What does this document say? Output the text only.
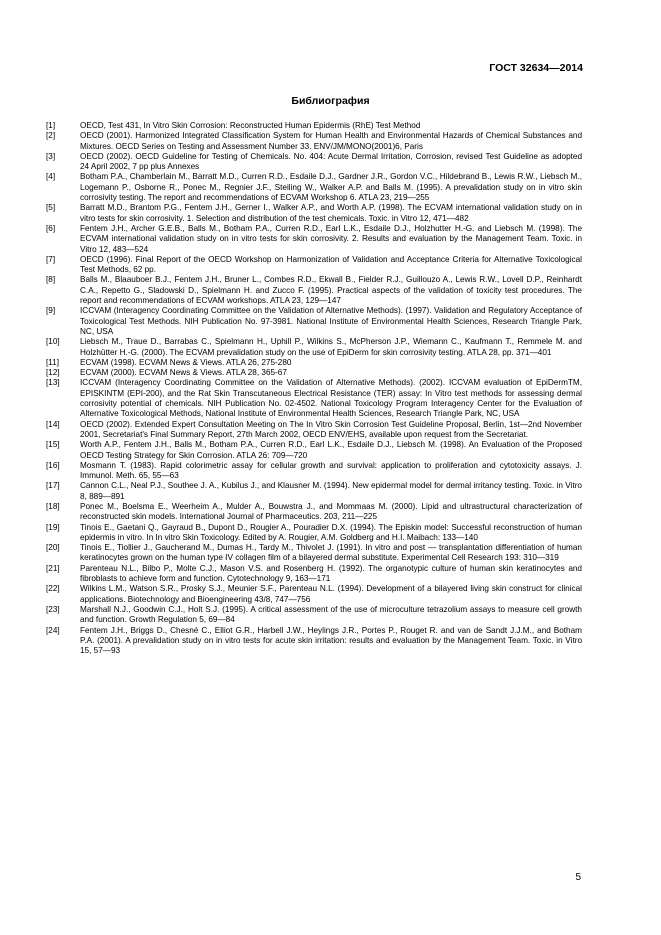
ГОСТ 32634—2014
Библиография
[1]	OECD, Test 431, In Vitro Skin Corrosion: Reconstructed Human Epidermis (RhE) Test Method
[2]	OECD (2001). Harmonized Integrated Classification System for Human Health and Environmental Hazards of Chemical Substances and Mixtures. OECD Series on Testing and Assessment Number 33. ENV/JM/MONO(2001)6, Paris
[3]	OECD (2002). OECD Guideline for Testing of Chemicals. No. 404: Acute Dermal Irritation, Corrosion, revised Test Guideline as adopted 24 April 2002, 7 pp plus Annexes
[4]	Botham P.A., Chamberlain M., Barratt M.D., Curren R.D., Esdaile D.J., Gardner J.R., Gordon V.C., Hildebrand B., Lewis R.W., Liebsch M., Logemann P., Osborne R., Ponec M., Regnier J.F., Steiling W., Walker A.P. and Balls M. (1995). A prevalidation study on in vitro skin corrosivity testing. The report and recommendations of ECVAM Workshop 6. ATLA 23, 219—255
[5]	Barratt M.D., Brantom P.G., Fentem J.H., Gerner I., Walker A.P., and Worth A.P. (1998). The ECVAM international validation study on in vitro tests for skin corrosivity. 1. Selection and distribution of the test chemicals. Toxic. in Vitro 12, 471—482
[6]	Fentem J.H., Archer G.E.B., Balls M., Botham P.A., Curren R.D., Earl L.K., Esdaile D.J., Holzhutter H.-G. and Liebsch M. (1998). The ECVAM international validation study on in vitro tests for skin corrosivity. 2. Results and evaluation by the Management Team. Toxic. in Vitro 12, 483—524
[7]	OECD (1996). Final Report of the OECD Workshop on Harmonization of Validation and Acceptance Criteria for Alternative Toxicological Test Methods, 62 pp.
[8]	Balls M., Blaauboer B.J., Fentem J.H., Bruner L., Combes R.D., Ekwall B., Fielder R.J., Guillouzo A., Lewis R.W., Lovell D.P., Reinhardt C.A., Repetto G., Sladowski D., Spielmann H. and Zucco F. (1995). Practical aspects of the validation of toxicity test procedures. The report and recommendations of ECVAM workshops. ATLA 23, 129—147
[9]	ICCVAM (Interagency Coordinating Committee on the Validation of Alternative Methods). (1997). Validation and Regulatory Acceptance of Toxicological Test Methods. NIH Publication No. 97-3981. National Institute of Environmental Health Sciences, Research Triangle Park, NC, USA
[10]	Liebsch M., Traue D., Barrabas C., Spielmann H., Uphill P., Wilkins S., McPherson J.P., Wiemann C., Kaufmann T., Remmele M. and Holzhütter H.-G. (2000). The ECVAM prevalidation study on the use of EpiDerm for skin corrosivity testing. ATLA 28, pp. 371—401
[11]	ECVAM (1998). ECVAM News & Views. ATLA 26, 275-280
[12]	ECVAM (2000). ECVAM News & Views. ATLA 28, 365-67
[13]	ICCVAM (Interagency Coordinating Committee on the Validation of Alternative Methods). (2002). ICCVAM evaluation of EpiDermTM, EPISKINTM (EPI-200), and the Rat Skin Transcutaneous Electrical Resistance (TER) assay: In Vitro test methods for assessing dermal corrosivity potential of chemicals. NIH Publication No. 02-4502. National Toxicology Program Interagency Center for the Evaluation of Alternative Toxicological Methods, National Institute of Environmental Health Sciences, Research Triangle Park, NC, USA
[14]	OECD (2002). Extended Expert Consultation Meeting on The In Vitro Skin Corrosion Test Guideline Proposal, Berlin, 1st—2nd November 2001, Secretariat's Final Summary Report, 27th March 2002, OECD ENV/EHS, available upon request from the Secretariat.
[15]	Worth A.P., Fentem J.H., Balls M., Botham P.A., Curren R.D., Earl L.K., Esdaile D.J., Liebsch M. (1998). An Evaluation of the Proposed OECD Testing Strategy for Skin Corrosion. ATLA 26: 709—720
[16]	Mosmann T. (1983). Rapid colorimetric assay for cellular growth and survival: application to proliferation and cytotoxicity assays. J. Immunol. Meth. 65, 55—63
[17]	Cannon C.L., Neal P.J., Southee J. A., Kubilus J., and Klausner M. (1994). New epidermal model for dermal irritancy testing. Toxic. in Vitro 8, 889—891
[18]	Ponec M., Boelsma E., Weerheim A., Mulder A., Bouwstra J., and Mommaas M. (2000). Lipid and ultrastructural characterization of reconstructed skin models. International Journal of Pharmaceutics. 203, 211—225
[19]	Tinois E., Gaetani Q., Gayraud B., Dupont D., Rougier A., Pouradier D.X. (1994). The Episkin model: Successful reconstruction of human epidermis in vitro. In In vitro Skin Toxicology. Edited by A. Rougier, A.M. Goldberg and H.I. Maibach: 133—140
[20]	Tinois E., Tiollier J., Gaucherand M., Dumas H., Tardy M., Thivolet J. (1991). In vitro and post — transplantation differentiation of human keratinocytes grown on the human type IV collagen film of a bilayered dermal substitute. Experimental Cell Research 193: 310—319
[21]	Parenteau N.L., Bilbo P., Molte C.J., Mason V.S. and Rosenberg H. (1992). The organotypic culture of human skin keratinocytes and fibroblasts to achieve form and function. Cytotechnology 9, 163—171
[22]	Wilkins L.M., Watson S.R., Prosky S.J., Meunier S.F., Parenteau N.L. (1994). Development of a bilayered living skin construct for clinical applications. Biotechnology and Bioengineering 43/8, 747—756
[23]	Marshall N.J., Goodwin C.J., Holt S.J. (1995). A critical assessment of the use of microculture tetrazolium assays to measure cell growth and function. Growth Regulation 5, 69—84
[24]	Fentem J.H., Briggs D., Chesné C., Elliot G.R., Harbell J.W., Heylings J.R., Portes P., Rouget R. and van de Sandt J.J.M., and Botham P.A. (2001). A prevalidation study on in vitro tests for acute skin irritation: results and evaluation by the Management Team. Toxic. in Vitro 15, 57—93
5
